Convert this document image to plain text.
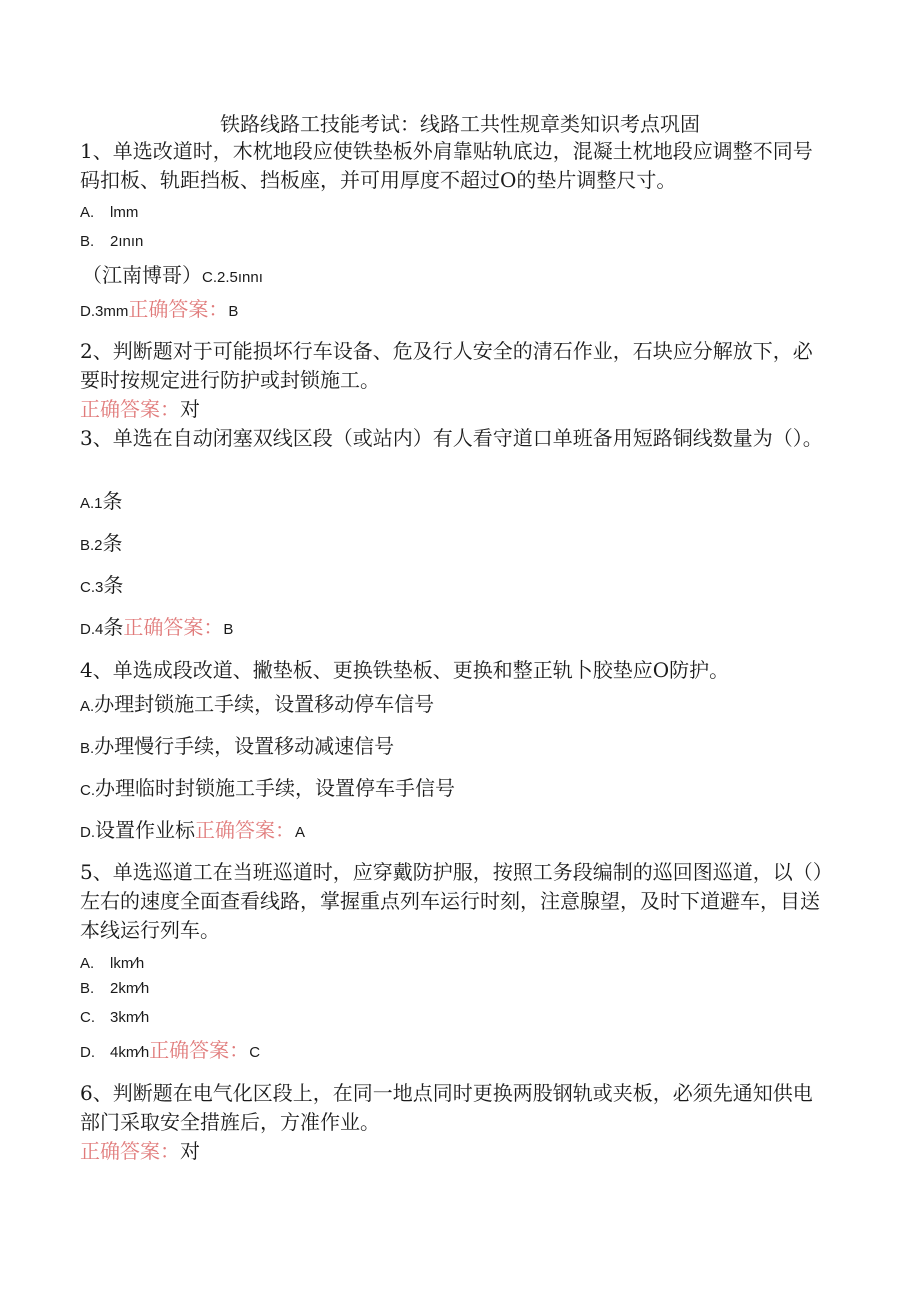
铁路线路工技能考试：线路工共性规章类知识考点巩固
1、单选改道时，木枕地段应使铁垫板外肩靠贴轨底边，混凝土枕地段应调整不同号码扣板、轨距挡板、挡板座，并可用厚度不超过O的垫片调整尺寸。
A. lmm
B. 2ının
（江南博哥）C.2.5ınnı
D.3mm正确答案：B
2、判断题对于可能损坏行车设备、危及行人安全的清石作业，石块应分解放下，必要时按规定进行防护或封锁施工。
正确答案：对
3、单选在自动闭塞双线区段（或站内）有人看守道口单班备用短路铜线数量为（）。
A.1条
B.2条
C.3条
D.4条正确答案：B
4、单选成段改道、撇垫板、更换铁垫板、更换和整正轨卜胶垫应O防护。
A.办理封锁施工手续，设置移动停车信号
B.办理慢行手续，设置移动减速信号
C.办理临时封锁施工手续，设置停车手信号
D.设置作业标正确答案：A
5、单选巡道工在当班巡道时，应穿戴防护服，按照工务段编制的巡回图巡道，以（）左右的速度全面查看线路，掌握重点列车运行时刻，注意腺望，及时下道避车，目送本线运行列车。
A. lkm∕h
B. 2km∕h
C. 3km∕h
D. 4km∕h正确答案：C
6、判断题在电气化区段上，在同一地点同时更换两股钢轨或夹板，必须先通知供电部门采取安全措旌后，方准作业。
正确答案：对
